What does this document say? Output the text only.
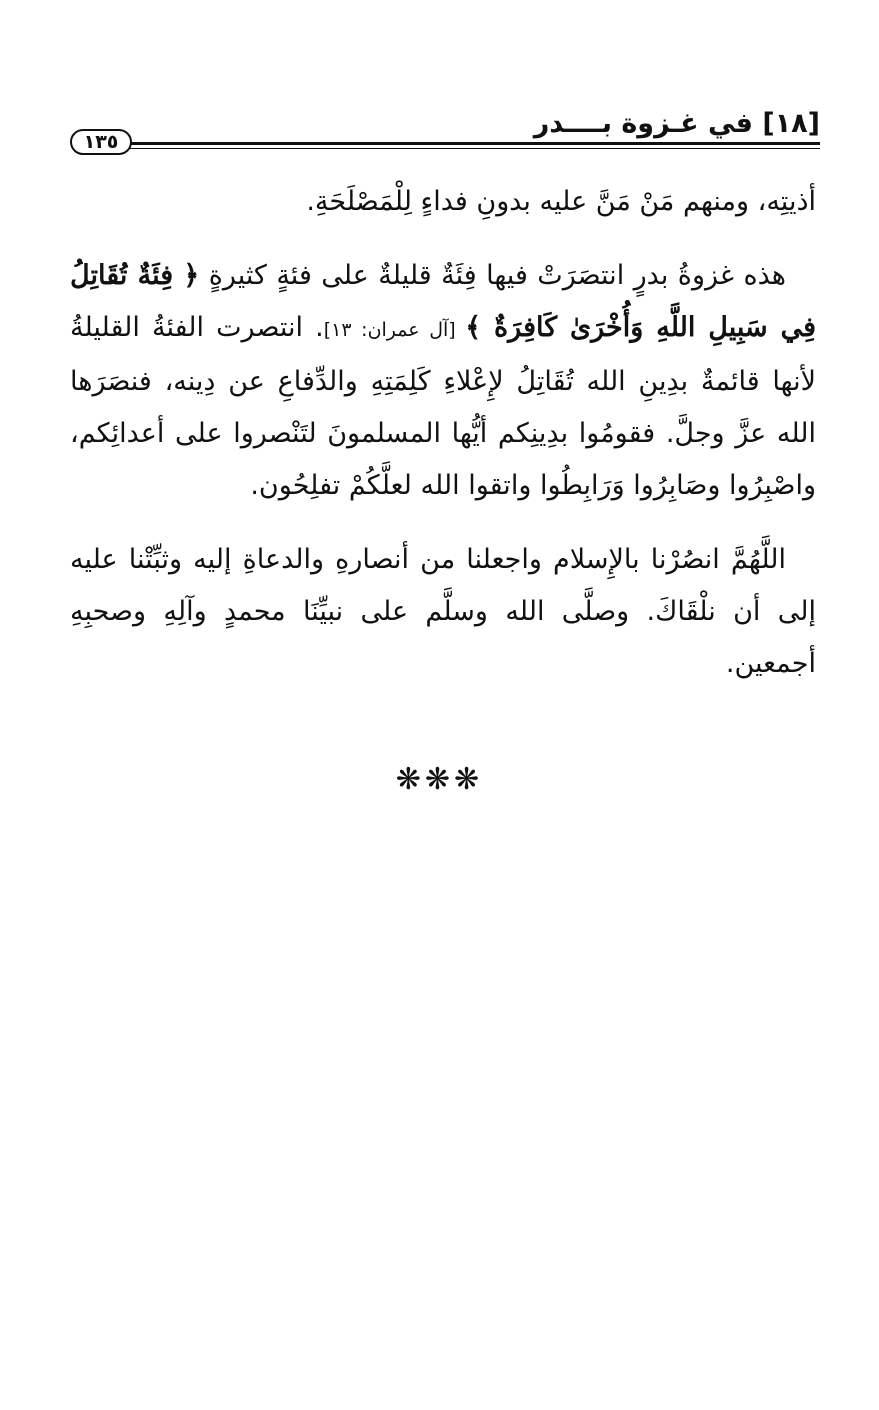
[١٨] في غـزوة بــــدر
١٣٥

أذيتِه، ومنهم مَنْ مَنَّ عليه بدونِ فداءٍ لِلْمَصْلَحَةِ.

هذه غزوةُ بدرٍ انتصَرَتْ فيها فِئَةٌ قليلةٌ على فئةٍ كثيرةٍ ﴿ فِئَةٌ تُقَاتِلُ فِي سَبِيلِ اللَّهِ وَأُخْرَىٰ كَافِرَةٌ ﴾ [آل عمران: ١٣]. انتصرت الفئةُ القليلةُ لأنها قائمةٌ بدِينِ الله تُقَاتِلُ لإِعْلاءِ كَلِمَتِهِ والدِّفاعِ عن دِينه، فنصَرَها الله عزَّ وجلَّ. فقومُوا بدِينِكم أيُّها المسلمونَ لتَنْصروا على أعدائِكم، واصْبِرُوا وصَابِرُوا وَرَابِطُوا واتقوا الله لعلَّكُمْ تفلِحُون.

اللَّهُمَّ انصُرْنا بالإِسلام واجعلنا من أنصارهِ والدعاةِ إليه وثبِّتْنا عليه إلى أن نلْقَاكَ. وصلَّى الله وسلَّم على نبيِّنَا محمدٍ وآلِهِ وصحبِهِ أجمعين.

❋❋❋
